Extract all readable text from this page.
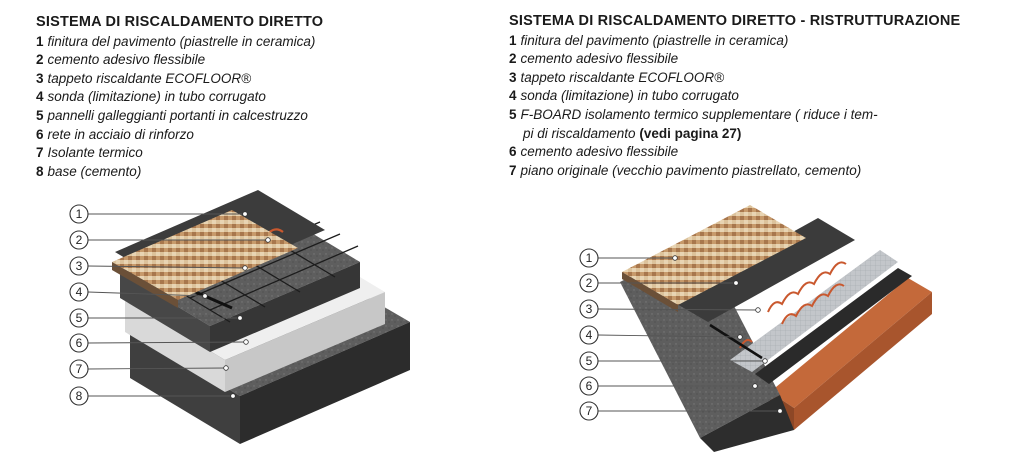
SISTEMA DI RISCALDAMENTO DIRETTO
1 finitura del pavimento (piastrelle in ceramica)
2 cemento adesivo flessibile
3 tappeto riscaldante ECOFLOOR®
4 sonda (limitazione) in tubo corrugato
5 pannelli galleggianti portanti in calcestruzzo
6 rete in acciaio di rinforzo
7 Isolante termico
8 base (cemento)
1
2
3
4
5
6
7
8
SISTEMA DI RISCALDAMENTO DIRETTO - RISTRUTTURAZIONE
1 finitura del pavimento (piastrelle in ceramica)
2 cemento adesivo flessibile
3 tappeto riscaldante ECOFLOOR®
4 sonda (limitazione) in tubo corrugato
5 F-BOARD isolamento termico supplementare ( riduce i tem-
pi di riscaldamento (vedi pagina 27)
6 cemento adesivo flessibile
7 piano originale (vecchio pavimento piastrellato, cemento)
1
2
3
4
5
6
7
